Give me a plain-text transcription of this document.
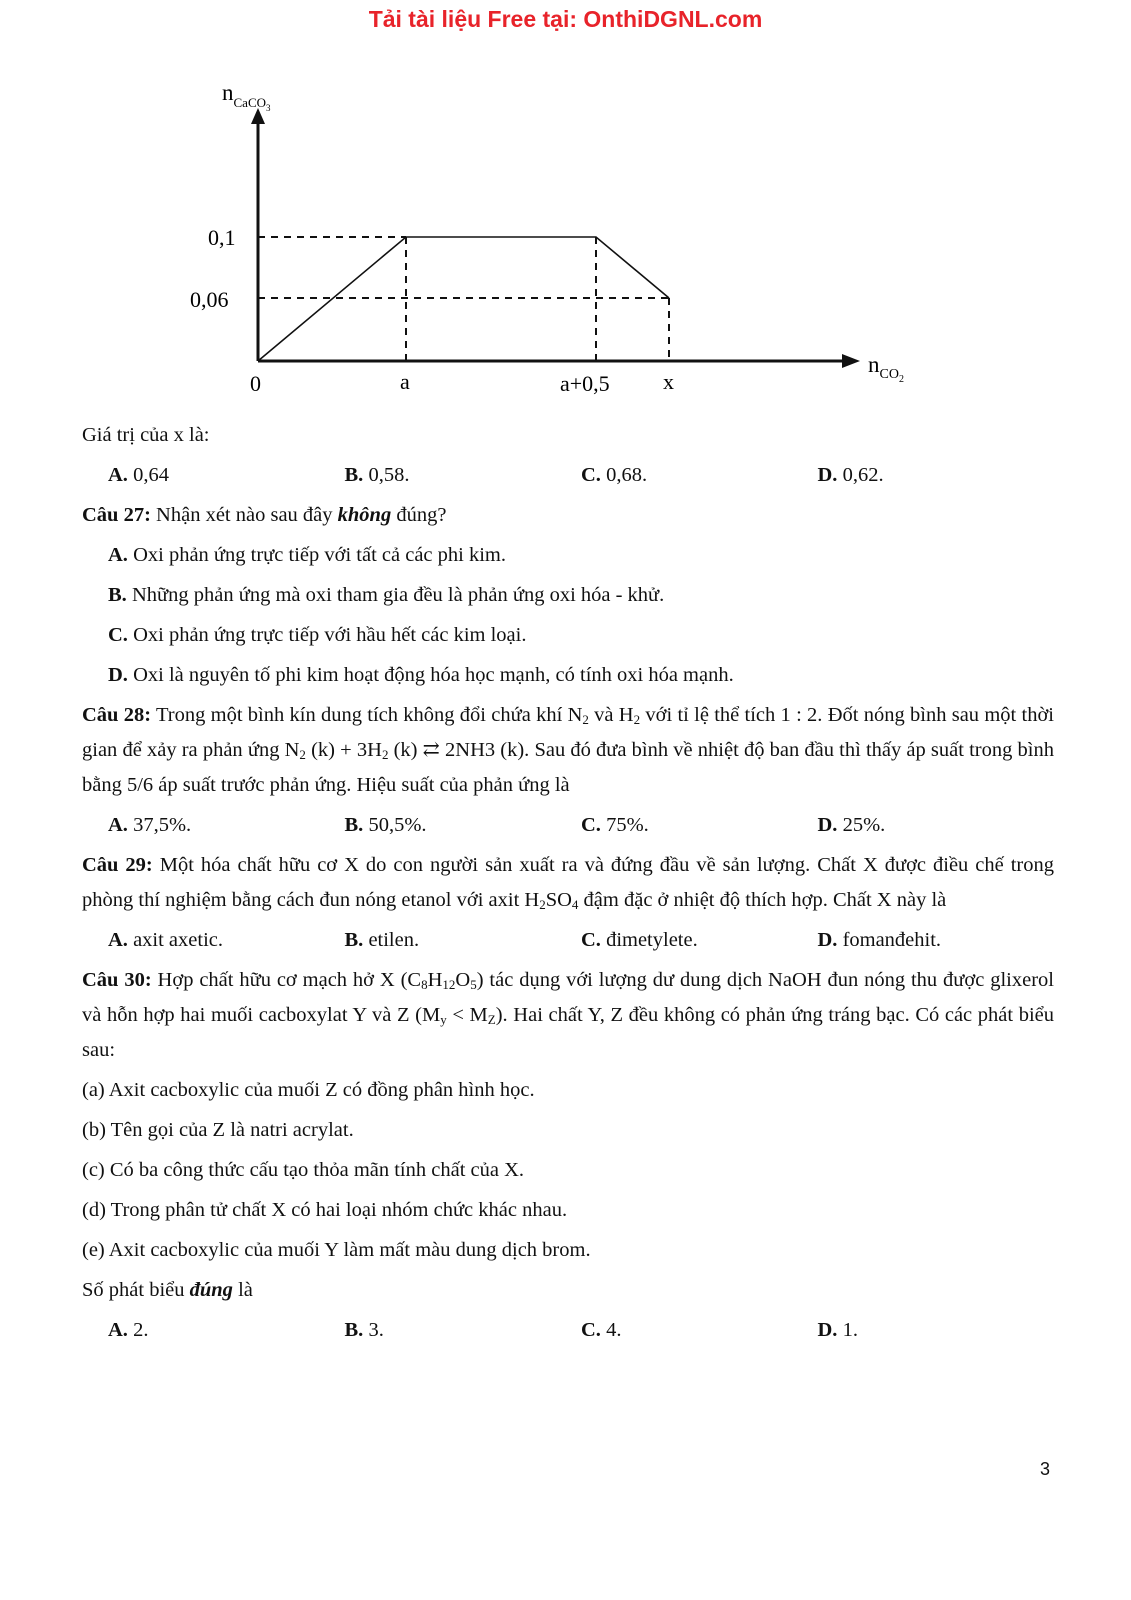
Tải tài liệu Free tại: OnthiDGNL.com
0,1
0,06
0	a	a+0,5 x
$n_{CaCO}3$
$n_{CO}2$
Giá trị của x là:
A. 0,64	B. 0,58.	C. 0,68.	D. 0,62.
Câu 27: Nhận xét nào sau đây không đúng?
A. Oxi phản ứng trực tiếp với tất cả các phi kim.
B. Những phản ứng mà oxi tham gia đều là phản ứng oxi hóa - khử.
C. Oxi phản ứng trực tiếp với hầu hết các kim loại.
D. Oxi là nguyên tố phi kim hoạt động hóa học mạnh, có tính oxi hóa mạnh.
Câu 28: Trong một bình kín dung tích không đổi chứa khí $N_2$ và $H_2$ với tỉ lệ thể tích 1 : 2. Đốt nóng bình sau một thời gian để xảy ra phản ứng $N_2$ $(k) + 3H_2$ (k) ⇄ 2NH3 (k). Sau đó đưa bình về nhiệt độ ban đầu thì thấy áp suất trong bình bằng 5/6 áp suất trước phản ứng. Hiệu suất của phản ứng là
A. 37,5%.	B. 50,5%.	C. 75%.	D. 25%.
Câu 29: Một hóa chất hữu cơ X do con người sản xuất ra và đứng đầu về sản lượng. Chất X được điều chế trong phòng thí nghiệm bằng cách đun nóng etanol với axit $H_2SO_4$ đậm đặc ở nhiệt độ thích hợp. Chất X này là
A. axit axetic.	B. etilen.	C. đimetylete.	D. fomanđehit.
Câu 30: Hợp chất hữu cơ mạch hở X $(C_8H_{12}O_5)$ tác dụng với lượng dư dung dịch NaOH đun nóng thu được glixerol và hỗn hợp hai muối cacboxylat Y và Z $(M_y < M_Z)$. Hai chất Y, Z đều không có phản ứng tráng bạc. Có các phát biểu sau:
(a) Axit cacboxylic của muối Z có đồng phân hình học.
(b) Tên gọi của Z là natri acrylat.
(c) Có ba công thức cấu tạo thỏa mãn tính chất của X.
(d) Trong phân tử chất X có hai loại nhóm chức khác nhau.
(e) Axit cacboxylic của muối Y làm mất màu dung dịch brom.
Số phát biểu đúng là
A. 2.	B. 3.	C. 4.	D. 1.
3
